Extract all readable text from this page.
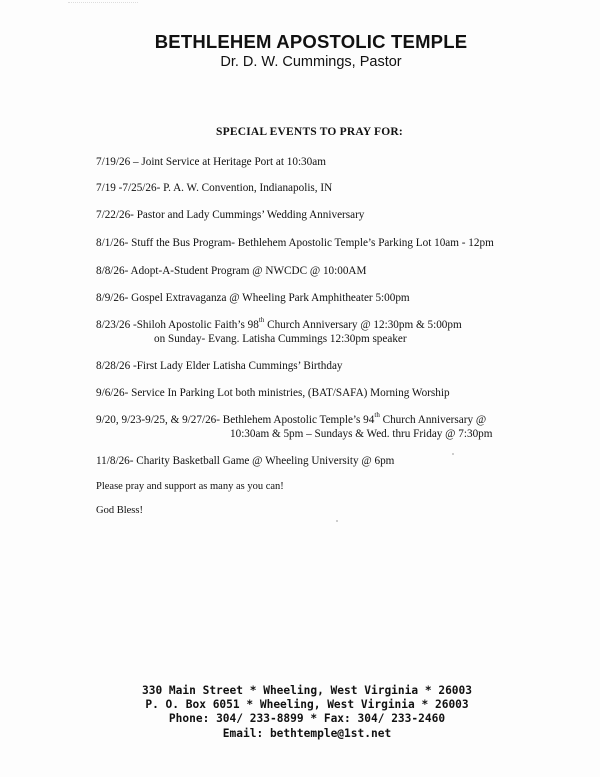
BETHLEHEM APOSTOLIC TEMPLE
Dr. D. W. Cummings, Pastor
SPECIAL EVENTS TO PRAY FOR:
7/19/26 – Joint Service at Heritage Port at 10:30am
7/19 -7/25/26- P. A. W. Convention, Indianapolis, IN
7/22/26- Pastor and Lady Cummings’ Wedding Anniversary
8/1/26- Stuff the Bus Program- Bethlehem Apostolic Temple’s Parking Lot 10am - 12pm
8/8/26- Adopt-A-Student Program @ NWCDC @ 10:00AM
8/9/26- Gospel Extravaganza @ Wheeling Park Amphitheater 5:00pm
8/23/26 -Shiloh Apostolic Faith’s 98th Church Anniversary @ 12:30pm & 5:00pm
on Sunday- Evang. Latisha Cummings 12:30pm speaker
8/28/26 -First Lady Elder Latisha Cummings’ Birthday
9/6/26- Service In Parking Lot both ministries, (BAT/SAFA) Morning Worship
9/20, 9/23-9/25, & 9/27/26- Bethlehem Apostolic Temple’s 94th Church Anniversary @
10:30am & 5pm – Sundays & Wed. thru Friday @ 7:30pm
11/8/26- Charity Basketball Game @ Wheeling University @ 6pm
Please pray and support as many as you can!
God Bless!
330 Main Street * Wheeling, West Virginia * 26003
P. O. Box 6051 * Wheeling, West Virginia * 26003
Phone: 304/ 233-8899 * Fax: 304/ 233-2460
Email: bethtemple@1st.net
